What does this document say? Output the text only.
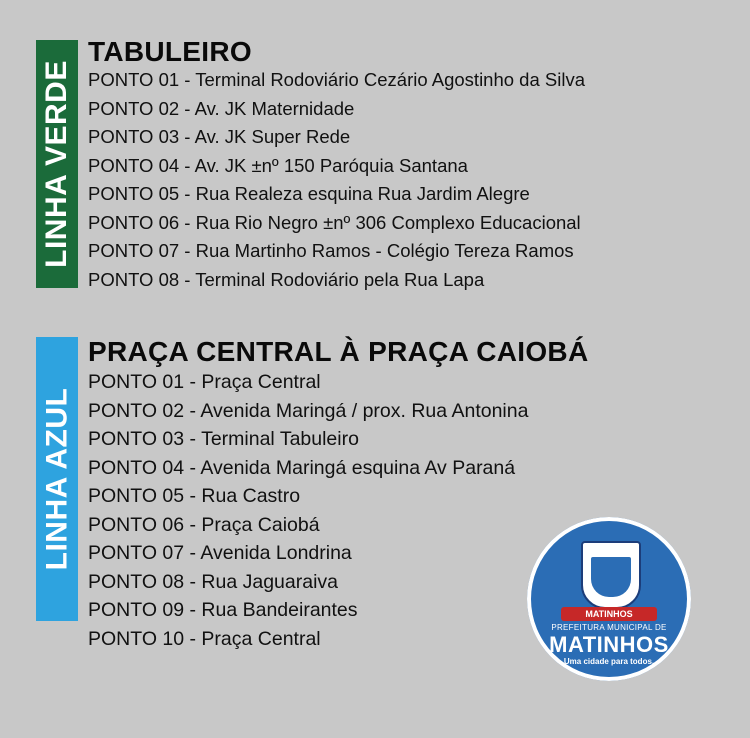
LINHA VERDE
TABULEIRO
PONTO 01 - Terminal Rodoviário Cezário Agostinho da Silva
PONTO 02 - Av. JK Maternidade
PONTO 03 - Av. JK Super Rede
PONTO 04 - Av. JK ±nº 150 Paróquia Santana
PONTO 05 - Rua Realeza esquina Rua Jardim Alegre
PONTO 06 - Rua Rio Negro ±nº 306 Complexo Educacional
PONTO 07 - Rua Martinho Ramos - Colégio Tereza Ramos
PONTO 08 - Terminal Rodoviário pela Rua Lapa
LINHA AZUL
PRAÇA CENTRAL À PRAÇA CAIOBÁ
PONTO 01 - Praça Central
PONTO 02 - Avenida Maringá / prox. Rua Antonina
PONTO 03 - Terminal Tabuleiro
PONTO 04 - Avenida Maringá esquina Av Paraná
PONTO 05 - Rua Castro
PONTO 06 - Praça Caiobá
PONTO 07 - Avenida Londrina
PONTO 08 - Rua Jaguaraiva
PONTO 09 - Rua Bandeirantes
PONTO 10 - Praça Central
MATINHOS
PREFEITURA MUNICIPAL DE
MATINHOS
Uma cidade para todos.
